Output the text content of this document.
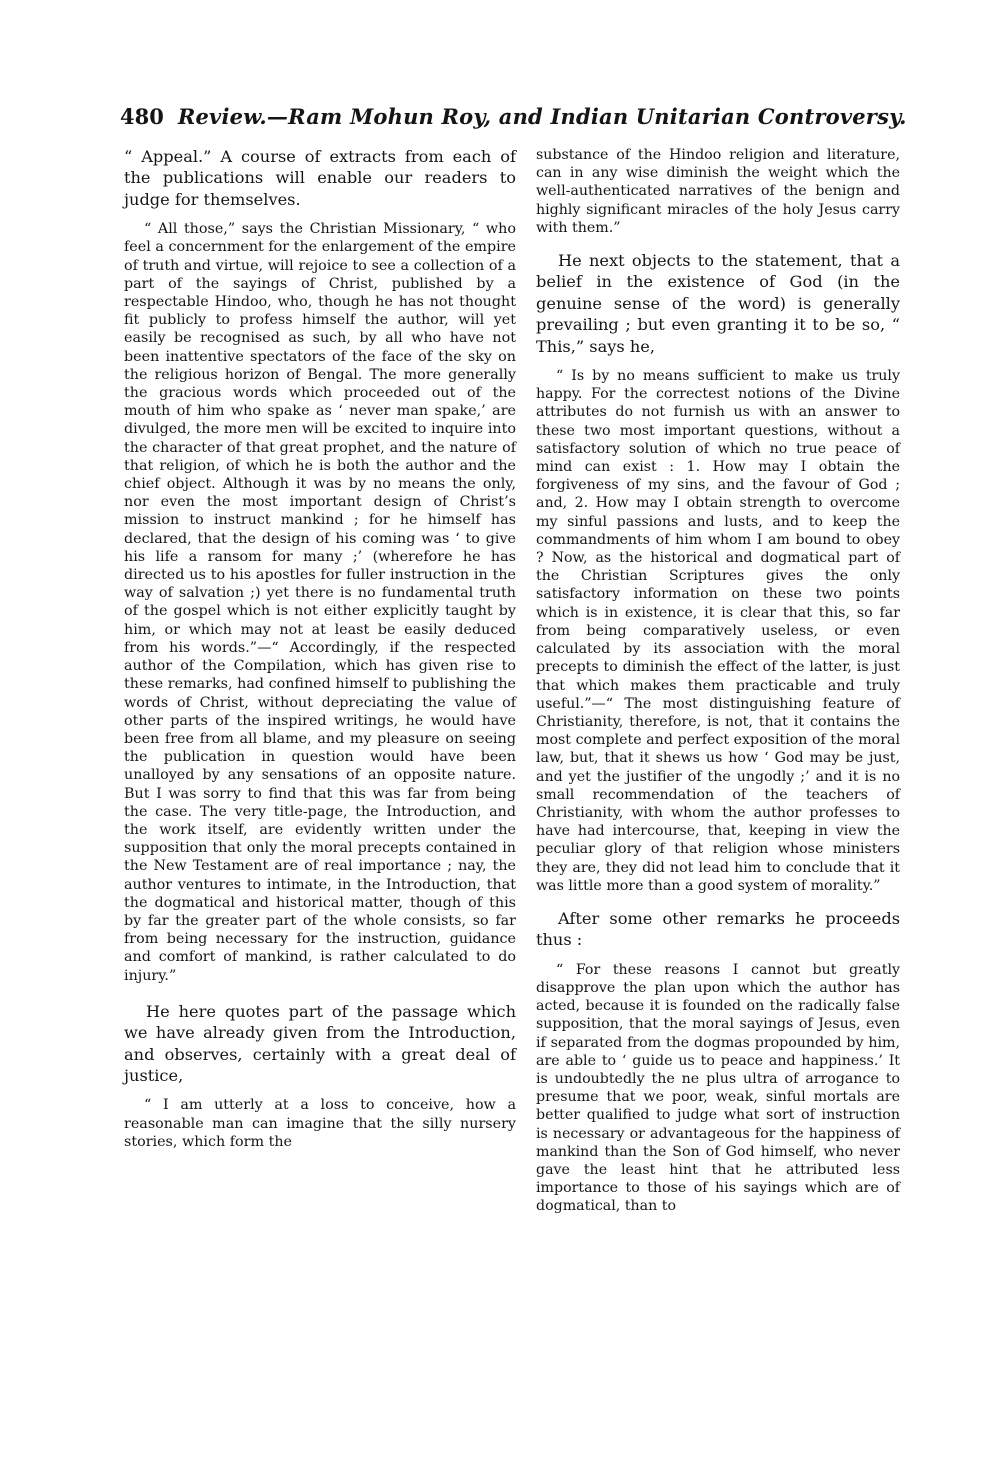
480 Review.—Ram Mohun Roy, and Indian Unitarian Controversy.

“ Appeal.” A course of extracts from each of the publications will enable our readers to judge for themselves.

“ All those,” says the Christian Missionary, “ who feel a concernment for the enlargement of the empire of truth and virtue, will rejoice to see a collection of a part of the sayings of Christ, published by a respectable Hindoo, who, though he has not thought fit publicly to profess himself the author, will yet easily be recognised as such, by all who have not been inattentive spectators of the face of the sky on the religious horizon of Bengal. The more generally the gracious words which proceeded out of the mouth of him who spake as ‘ never man spake,’ are divulged, the more men will be excited to inquire into the character of that great prophet, and the nature of that religion, of which he is both the author and the chief object. Although it was by no means the only, nor even the most important design of Christ’s mission to instruct mankind ; for he himself has declared, that the design of his coming was ‘ to give his life a ransom for many ;’ (wherefore he has directed us to his apostles for fuller instruction in the way of salvation ;) yet there is no fundamental truth of the gospel which is not either explicitly taught by him, or which may not at least be easily deduced from his words.”—“ Accordingly, if the respected author of the Compilation, which has given rise to these remarks, had confined himself to publishing the words of Christ, without depreciating the value of other parts of the inspired writings, he would have been free from all blame, and my pleasure on seeing the publication in question would have been unalloyed by any sensations of an opposite nature. But I was sorry to find that this was far from being the case. The very title-page, the Introduction, and the work itself, are evidently written under the supposition that only the moral precepts contained in the New Testament are of real importance ; nay, the author ventures to intimate, in the Introduction, that the dogmatical and historical matter, though of this by far the greater part of the whole consists, so far from being necessary for the instruction, guidance and comfort of mankind, is rather calculated to do injury.”

He here quotes part of the passage which we have already given from the Introduction, and observes, certainly with a great deal of justice,

“ I am utterly at a loss to conceive, how a reasonable man can imagine that the silly nursery stories, which form the

substance of the Hindoo religion and literature, can in any wise diminish the weight which the well-authenticated narratives of the benign and highly significant miracles of the holy Jesus carry with them.”

He next objects to the statement, that a belief in the existence of God (in the genuine sense of the word) is generally prevailing ; but even granting it to be so, “ This,” says he,

“ Is by no means sufficient to make us truly happy. For the correctest notions of the Divine attributes do not furnish us with an answer to these two most important questions, without a satisfactory solution of which no true peace of mind can exist : 1. How may I obtain the forgiveness of my sins, and the favour of God ; and, 2. How may I obtain strength to overcome my sinful passions and lusts, and to keep the commandments of him whom I am bound to obey ? Now, as the historical and dogmatical part of the Christian Scriptures gives the only satisfactory information on these two points which is in existence, it is clear that this, so far from being comparatively useless, or even calculated by its association with the moral precepts to diminish the effect of the latter, is just that which makes them practicable and truly useful.”—“ The most distinguishing feature of Christianity, therefore, is not, that it contains the most complete and perfect exposition of the moral law, but, that it shews us how ‘ God may be just, and yet the justifier of the ungodly ;’ and it is no small recommendation of the teachers of Christianity, with whom the author professes to have had intercourse, that, keeping in view the peculiar glory of that religion whose ministers they are, they did not lead him to conclude that it was little more than a good system of morality.”

After some other remarks he proceeds thus :

“ For these reasons I cannot but greatly disapprove the plan upon which the author has acted, because it is founded on the radically false supposition, that the moral sayings of Jesus, even if separated from the dogmas propounded by him, are able to ‘ guide us to peace and happiness.’ It is undoubtedly the ne plus ultra of arrogance to presume that we poor, weak, sinful mortals are better qualified to judge what sort of instruction is necessary or advantageous for the happiness of mankind than the Son of God himself, who never gave the least hint that he attributed less importance to those of his sayings which are of dogmatical, than to
